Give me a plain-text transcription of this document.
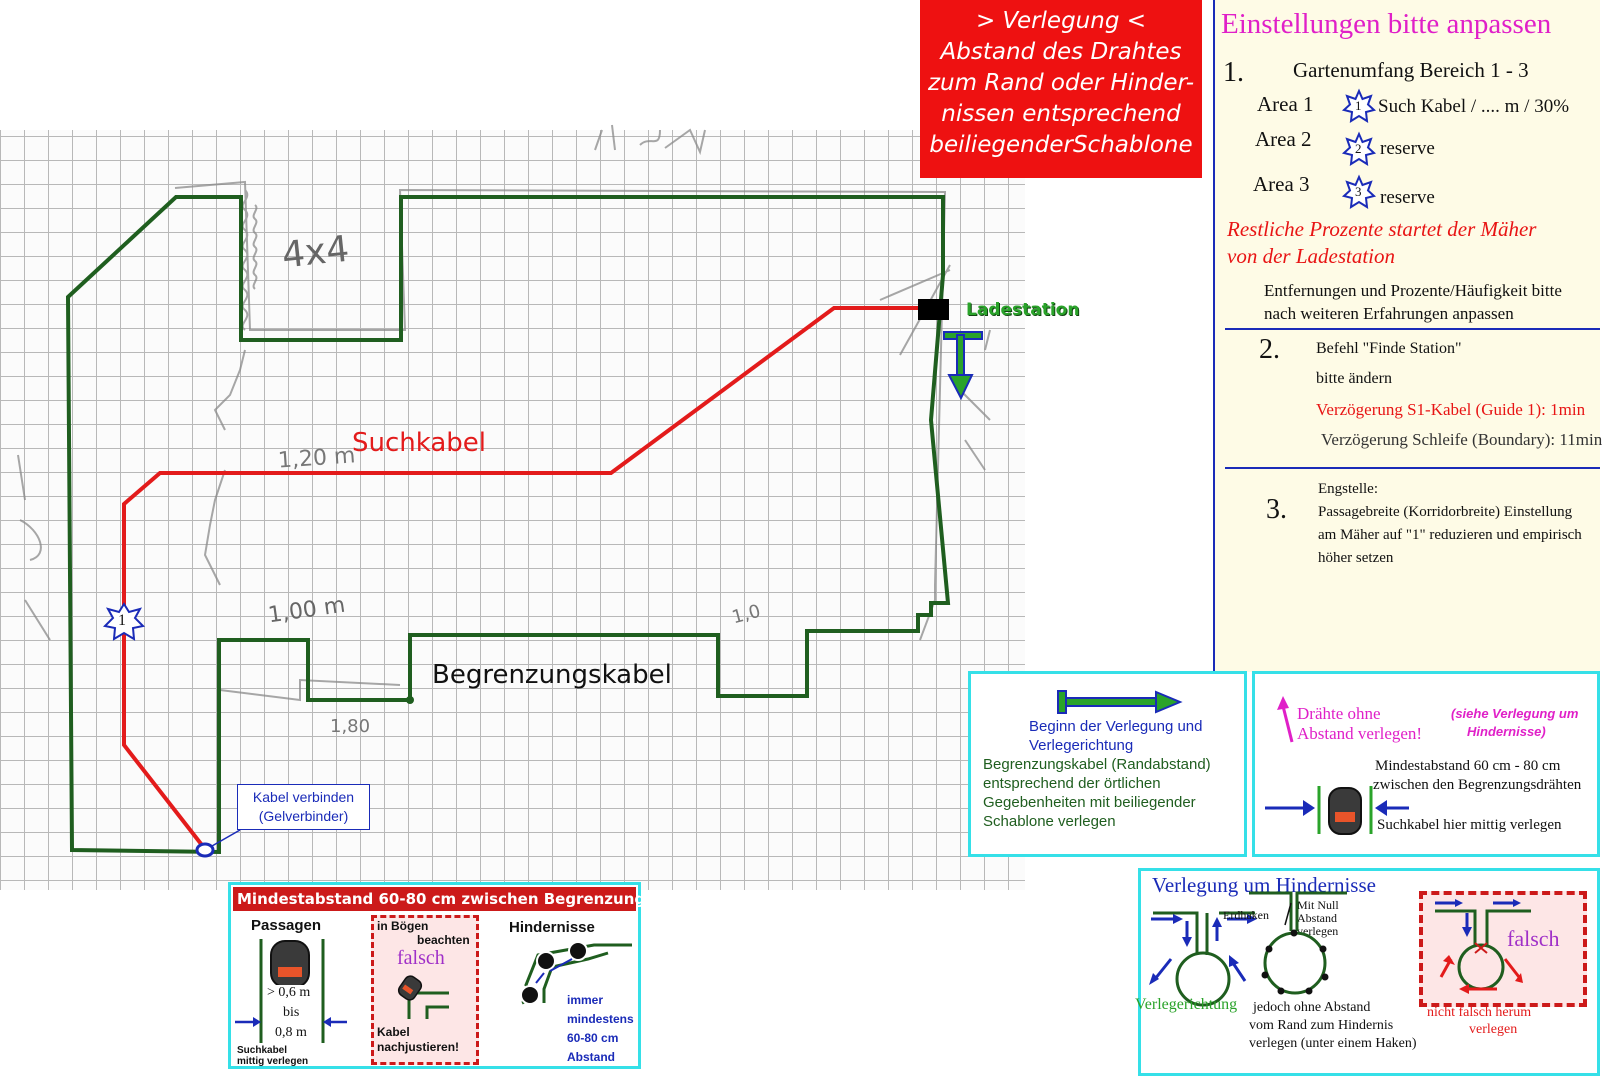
4x4
1,20 m
1,00 m
1,80
1,0
Suchkabel
Begrenzungskabel
Ladestation
1
Kabel verbinden
(Gelverbinder)
> Verlegung <
Abstand des Drahtes
zum Rand oder Hinder-
nissen entsprechend
beiliegenderSchablone
Einstellungen bitte anpassen
1. Gartenumfang Bereich 1 - 3
Area 1	1 Such Kabel / .... m / 30%
Area 2	2 reserve
Area 3	3 reserve
Restliche Prozente startet der Mäher
von der Ladestation
Entfernungen und Prozente/Häufigkeit bitte
nach weiteren Erfahrungen anpassen
2. Befehl "Finde Station"
bitte ändern
Verzögerung S1-Kabel (Guide 1): 1min
Verzögerung Schleife (Boundary): 11min
3.
Engstelle:
Passagebreite (Korridorbreite) Einstellung
am Mäher auf "1" reduzieren und empirisch
höher setzen
Beginn der Verlegung und
Verlegerichtung
Begrenzungskabel (Randabstand)
entsprechend der örtlichen
Gegebenheiten mit beiliegender
Schablone verlegen
Drähte ohne
Abstand verlegen!
(siehe Verlegung um
Hindernisse)
Mindestabstand 60 cm - 80 cm
zwischen den Begrenzungsdrähten
Suchkabel hier mittig verlegen
Mindestabstand 60-80 cm zwischen Begrenzungsdrähten
Passagen
> 0,6 m
bis
0,8 m
Suchkabel
mittig verlegen
in Bögen
beachten
falsch
Kabel
nachjustieren!
Hindernisse
immer
mindestens
60-80 cm
Abstand
Verlegung um Hindernisse
Verlegerichtung
Erdhaken
Mit Null
Abstand
verlegen
jedoch ohne Abstand
vom Rand zum Hindernis
verlegen (unter einem Haken)
falsch
nicht falsch herum
verlegen
